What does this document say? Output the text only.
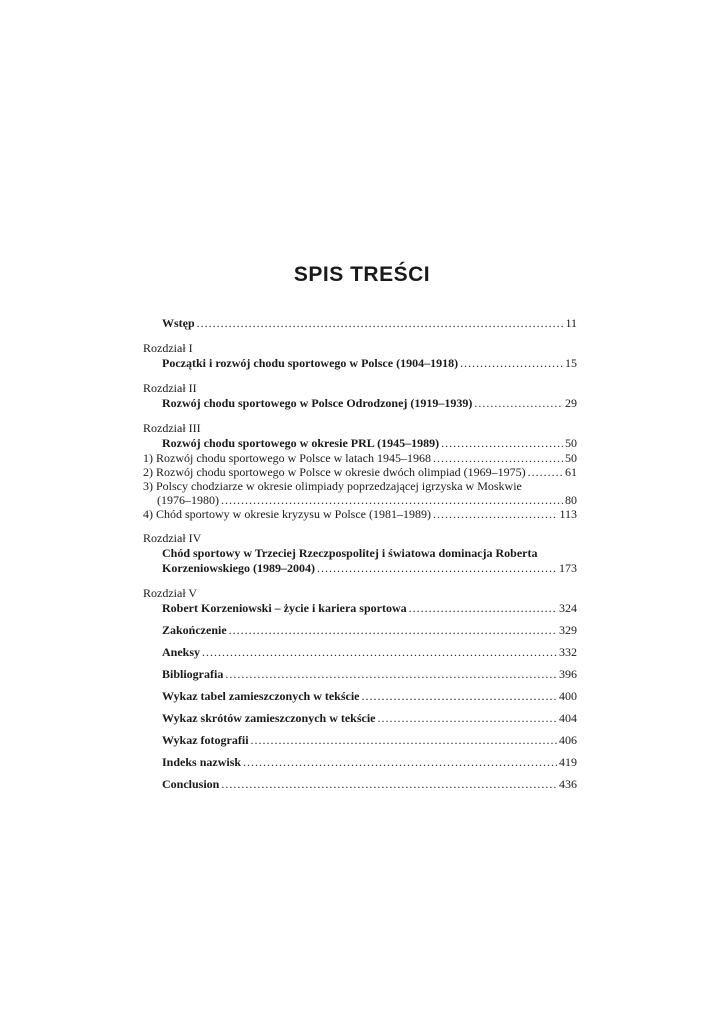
SPIS TREŚCI
Wstęp .....	11
Rozdział I
Początki i rozwój chodu sportowego w Polsce (1904–1918) .....	15
Rozdział II
Rozwój chodu sportowego w Polsce Odrodzonej (1919–1939) .....	29
Rozdział III
Rozwój chodu sportowego w okresie PRL (1945–1989) .....	50
1) Rozwój chodu sportowego w Polsce w latach 1945–1968 .....	50
2) Rozwój chodu sportowego w Polsce w okresie dwóch olimpiad (1969–1975) .....	61
3) Polscy chodziarze w okresie olimpiady poprzedzającej igrzyska w Moskwie
(1976–1980) .....	80
4) Chód sportowy w okresie kryzysu w Polsce (1981–1989) .....	113
Rozdział IV
Chód sportowy w Trzeciej Rzeczpospolitej i światowa dominacja Roberta
Korzeniowskiego (1989–2004) .....	173
Rozdział V
Robert Korzeniowski – życie i kariera sportowa .....	324
Zakończenie .....	329
Aneksy .....	332
Bibliografia .....	396
Wykaz tabel zamieszczonych w tekście .....	400
Wykaz skrótów zamieszczonych w tekście .....	404
Wykaz fotografii .....	406
Indeks nazwisk .....	419
Conclusion .....	436
